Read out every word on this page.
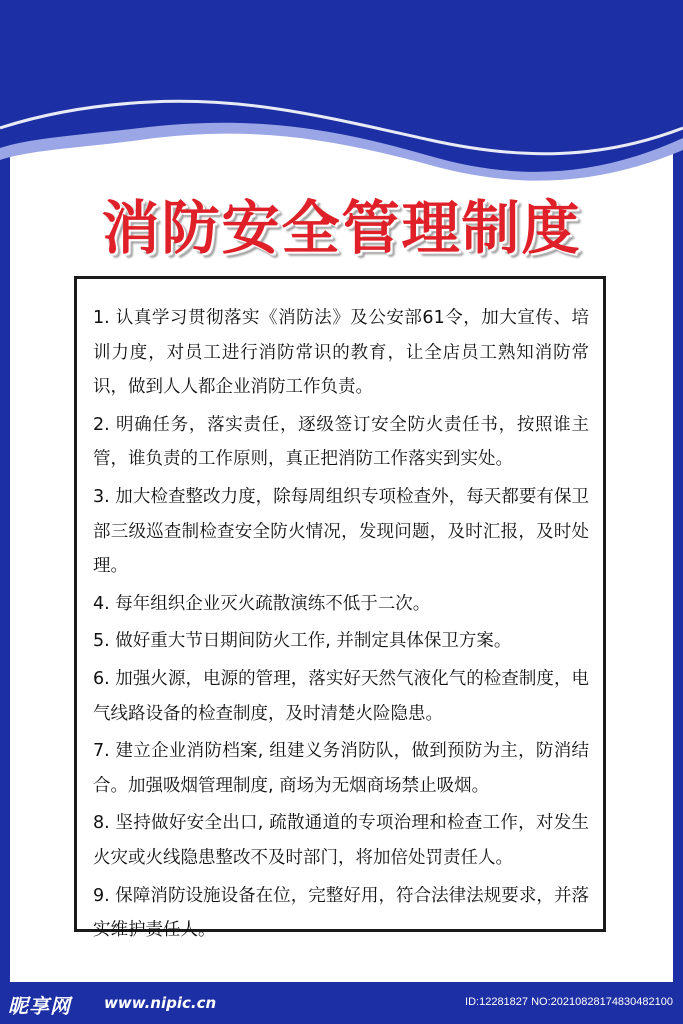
消防安全管理制度

1. 认真学习贯彻落实《消防法》及公安部61令，加大宣传、培训力度，对员工进行消防常识的教育，让全店员工熟知消防常识，做到人人都企业消防工作负责。

2. 明确任务，落实责任，逐级签订安全防火责任书，按照谁主管，谁负责的工作原则，真正把消防工作落实到实处。

3. 加大检查整改力度，除每周组织专项检查外，每天都要有保卫部三级巡查制检查安全防火情况，发现问题，及时汇报，及时处理。

4. 每年组织企业灭火疏散演练不低于二次。

5. 做好重大节日期间防火工作, 并制定具体保卫方案。

6. 加强火源，电源的管理，落实好天然气液化气的检查制度，电气线路设备的检查制度，及时清楚火险隐患。

7. 建立企业消防档案, 组建义务消防队，做到预防为主，防消结合。加强吸烟管理制度, 商场为无烟商场禁止吸烟。

8. 坚持做好安全出口, 疏散通道的专项治理和检查工作，对发生火灾或火线隐患整改不及时部门，将加倍处罚责任人。

9. 保障消防设施设备在位，完整好用，符合法律法规要求，并落实维护责任人。

昵享网 www.nipic.cn	ID:12281827 NO:20210828174830482100
